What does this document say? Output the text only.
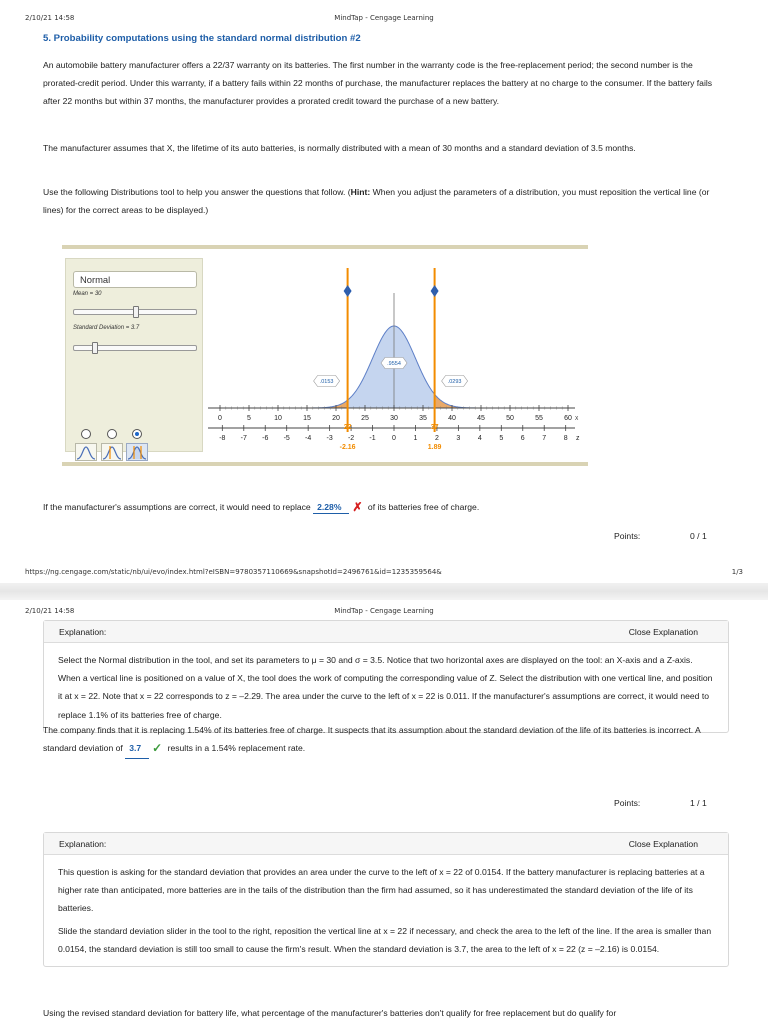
2/10/21 14:58	MindTap - Cengage Learning
5. Probability computations using the standard normal distribution #2
An automobile battery manufacturer offers a 22/37 warranty on its batteries. The first number in the warranty code is the free-replacement period; the second number is the prorated-credit period. Under this warranty, if a battery fails within 22 months of purchase, the manufacturer replaces the battery at no charge to the consumer. If the battery fails after 22 months but within 37 months, the manufacturer provides a prorated credit toward the purchase of a new battery.
The manufacturer assumes that X, the lifetime of its auto batteries, is normally distributed with a mean of 30 months and a standard deviation of 3.5 months.
Use the following Distributions tool to help you answer the questions that follow. (Hint: When you adjust the parameters of a distribution, you must reposition the vertical line (or lines) for the correct areas to be displayed.)
Normal
Mean = 30
Standard Deviation = 3.7
0	5	10	15	20	25	30	35	40	45	50	55	60 X
-8 -7 -6 -5 -4 -3 -2 -1 0	1	2	3	4	5	6	7	8 z
22
-2.16
37
1.89
.0153
.9554
.0293
If the manufacturer's assumptions are correct, it would need to replace 2.28% ✗ of its batteries free of charge.
Points:	0 / 1
https://ng.cengage.com/static/nb/ui/evo/index.html?eISBN=9780357110669&snapshotId=2496761&id=1235359564&	1/3
2/10/21 14:58	MindTap - Cengage Learning
Explanation:	Close Explanation

Select the Normal distribution in the tool, and set its parameters to μ = 30 and σ = 3.5. Notice that two horizontal axes are displayed on the tool: an X-axis and a Z-axis. When a vertical line is positioned on a value of X, the tool does the work of computing the corresponding value of Z. Select the distribution with one vertical line, and position it at x = 22. Note that x = 22 corresponds to z = –2.29. The area under the curve to the left of x = 22 is 0.011. If the manufacturer's assumptions are correct, it would need to replace 1.1% of its batteries free of charge.

The company finds that it is replacing 1.54% of its batteries free of charge. It suspects that its assumption about the standard deviation of the life of its batteries is incorrect. A standard deviation of 3.7 ✓ results in a 1.54% replacement rate.
Points:	1 / 1
Explanation:	Close Explanation

This question is asking for the standard deviation that provides an area under the curve to the left of x = 22 of 0.0154. If the battery manufacturer is replacing batteries at a higher rate than anticipated, more batteries are in the tails of the distribution than the firm had assumed, so it has underestimated the standard deviation of the life of its batteries.

Slide the standard deviation slider in the tool to the right, reposition the vertical line at x = 22 if necessary, and check the area to the left of the line. If the area is smaller than 0.0154, the standard deviation is still too small to cause the firm's result. When the standard deviation is 3.7, the area to the left of x = 22 (z = –2.16) is 0.0154.

Using the revised standard deviation for battery life, what percentage of the manufacturer's batteries don't qualify for free replacement but do qualify for
